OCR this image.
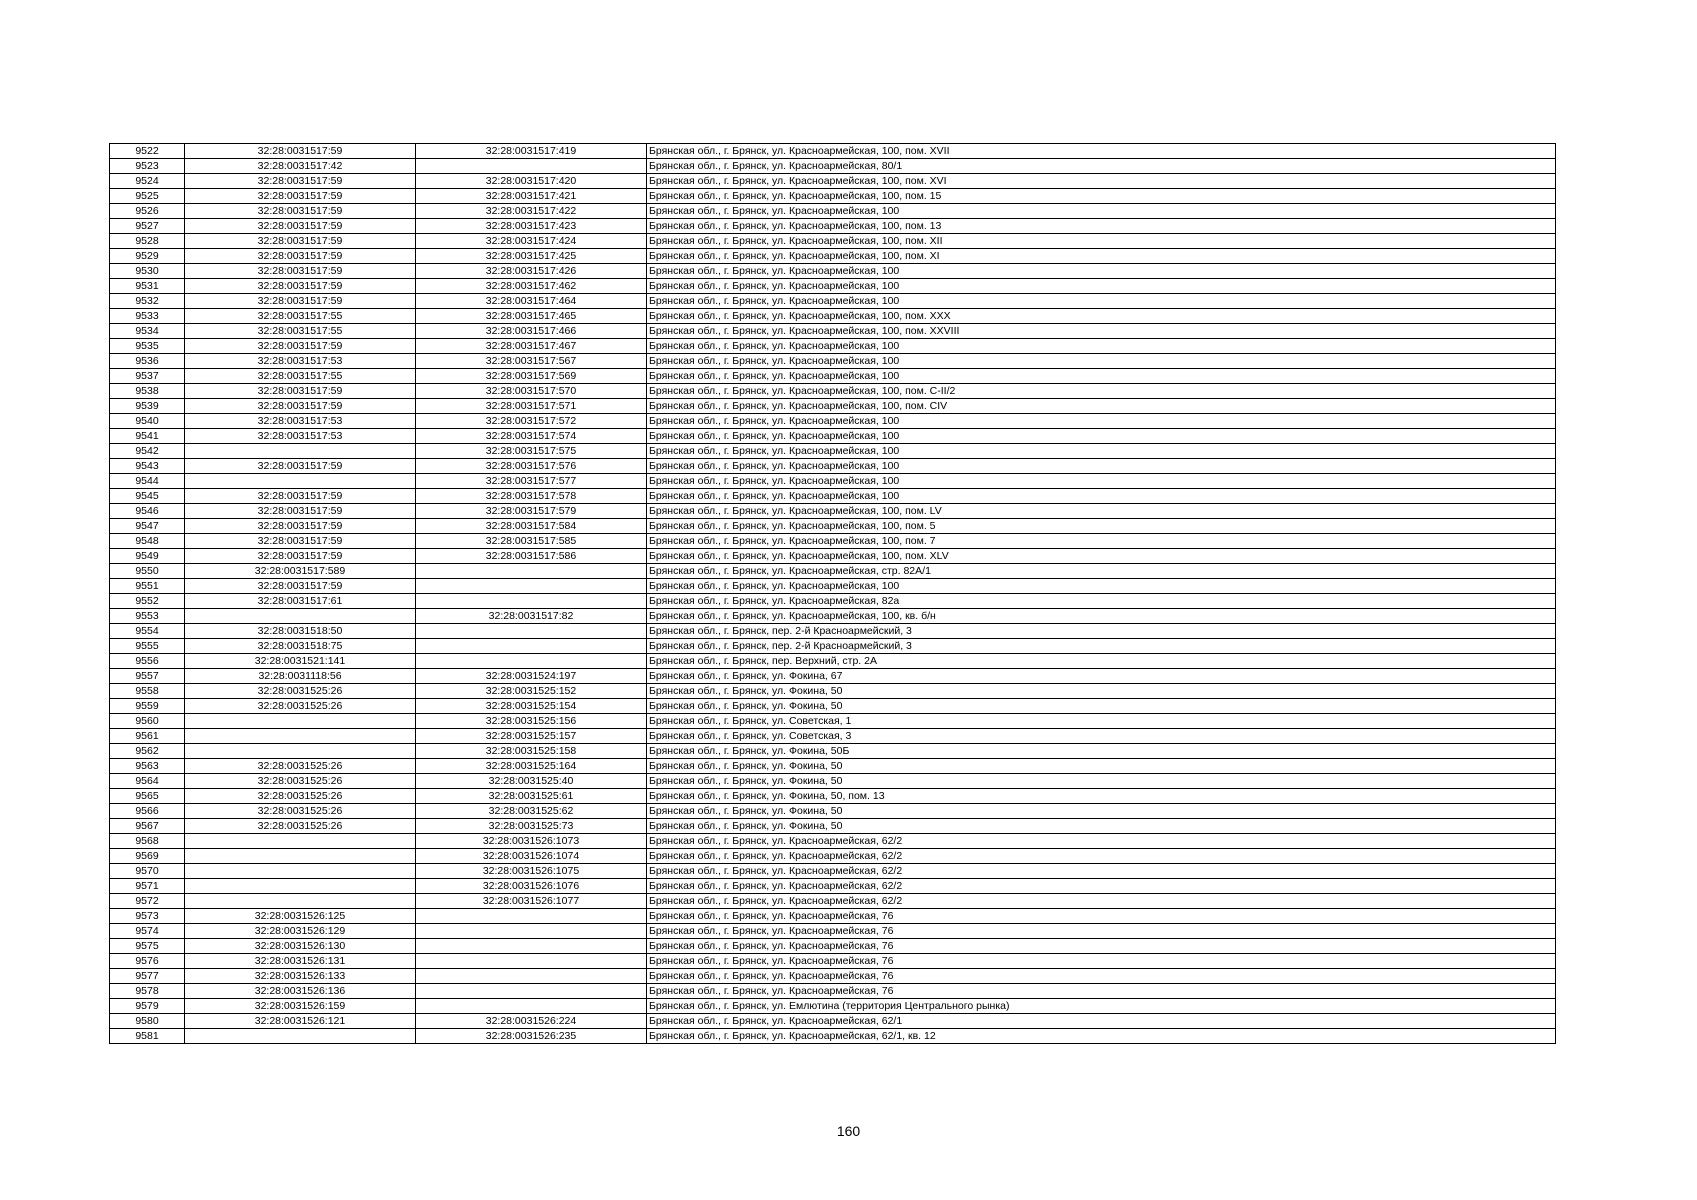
9522	32:28:0031517:59	32:28:0031517:419	Брянская обл., г. Брянск, ул. Красноармейская, 100, пом. XVII
9523	32:28:0031517:42		Брянская обл., г. Брянск, ул. Красноармейская, 80/1
9524	32:28:0031517:59	32:28:0031517:420	Брянская обл., г. Брянск, ул. Красноармейская, 100, пом. XVI
9525	32:28:0031517:59	32:28:0031517:421	Брянская обл., г. Брянск, ул. Красноармейская, 100, пом. 15
9526	32:28:0031517:59	32:28:0031517:422	Брянская обл., г. Брянск, ул. Красноармейская, 100
9527	32:28:0031517:59	32:28:0031517:423	Брянская обл., г. Брянск, ул. Красноармейская, 100, пом. 13
9528	32:28:0031517:59	32:28:0031517:424	Брянская обл., г. Брянск, ул. Красноармейская, 100, пом. XII
9529	32:28:0031517:59	32:28:0031517:425	Брянская обл., г. Брянск, ул. Красноармейская, 100, пом. XI
9530	32:28:0031517:59	32:28:0031517:426	Брянская обл., г. Брянск, ул. Красноармейская, 100
9531	32:28:0031517:59	32:28:0031517:462	Брянская обл., г. Брянск, ул. Красноармейская, 100
9532	32:28:0031517:59	32:28:0031517:464	Брянская обл., г. Брянск, ул. Красноармейская, 100
9533	32:28:0031517:55	32:28:0031517:465	Брянская обл., г. Брянск, ул. Красноармейская, 100, пом. XXX
9534	32:28:0031517:55	32:28:0031517:466	Брянская обл., г. Брянск, ул. Красноармейская, 100, пом. XXVIII
9535	32:28:0031517:59	32:28:0031517:467	Брянская обл., г. Брянск, ул. Красноармейская, 100
9536	32:28:0031517:53	32:28:0031517:567	Брянская обл., г. Брянск, ул. Красноармейская, 100
9537	32:28:0031517:55	32:28:0031517:569	Брянская обл., г. Брянск, ул. Красноармейская, 100
9538	32:28:0031517:59	32:28:0031517:570	Брянская обл., г. Брянск, ул. Красноармейская, 100, пом. С-II/2
9539	32:28:0031517:59	32:28:0031517:571	Брянская обл., г. Брянск, ул. Красноармейская, 100, пом. CIV
9540	32:28:0031517:53	32:28:0031517:572	Брянская обл., г. Брянск, ул. Красноармейская, 100
9541	32:28:0031517:53	32:28:0031517:574	Брянская обл., г. Брянск, ул. Красноармейская, 100
9542		32:28:0031517:575	Брянская обл., г. Брянск, ул. Красноармейская, 100
9543	32:28:0031517:59	32:28:0031517:576	Брянская обл., г. Брянск, ул. Красноармейская, 100
9544		32:28:0031517:577	Брянская обл., г. Брянск, ул. Красноармейская, 100
9545	32:28:0031517:59	32:28:0031517:578	Брянская обл., г. Брянск, ул. Красноармейская, 100
9546	32:28:0031517:59	32:28:0031517:579	Брянская обл., г. Брянск, ул. Красноармейская, 100, пом. LV
9547	32:28:0031517:59	32:28:0031517:584	Брянская обл., г. Брянск, ул. Красноармейская, 100, пом. 5
9548	32:28:0031517:59	32:28:0031517:585	Брянская обл., г. Брянск, ул. Красноармейская, 100, пом. 7
9549	32:28:0031517:59	32:28:0031517:586	Брянская обл., г. Брянск, ул. Красноармейская, 100, пом. XLV
9550	32:28:0031517:589		Брянская обл., г. Брянск, ул. Красноармейская, стр. 82А/1
9551	32:28:0031517:59		Брянская обл., г. Брянск, ул. Красноармейская, 100
9552	32:28:0031517:61		Брянская обл., г. Брянск, ул. Красноармейская, 82а
9553		32:28:0031517:82	Брянская обл., г. Брянск, ул. Красноармейская, 100, кв. б/н
9554	32:28:0031518:50		Брянская обл., г. Брянск, пер. 2-й Красноармейский, 3
9555	32:28:0031518:75		Брянская обл., г. Брянск, пер. 2-й Красноармейский, 3
9556	32:28:0031521:141		Брянская обл., г. Брянск, пер. Верхний, стр. 2А
9557	32:28:0031118:56	32:28:0031524:197	Брянская обл., г. Брянск, ул. Фокина, 67
9558	32:28:0031525:26	32:28:0031525:152	Брянская обл., г. Брянск, ул. Фокина, 50
9559	32:28:0031525:26	32:28:0031525:154	Брянская обл., г. Брянск, ул. Фокина, 50
9560		32:28:0031525:156	Брянская обл., г. Брянск, ул. Советская, 1
9561		32:28:0031525:157	Брянская обл., г. Брянск, ул. Советская, 3
9562		32:28:0031525:158	Брянская обл., г. Брянск, ул. Фокина, 50Б
9563	32:28:0031525:26	32:28:0031525:164	Брянская обл., г. Брянск, ул. Фокина, 50
9564	32:28:0031525:26	32:28:0031525:40	Брянская обл., г. Брянск, ул. Фокина, 50
9565	32:28:0031525:26	32:28:0031525:61	Брянская обл., г. Брянск, ул. Фокина, 50, пом. 13
9566	32:28:0031525:26	32:28:0031525:62	Брянская обл., г. Брянск, ул. Фокина, 50
9567	32:28:0031525:26	32:28:0031525:73	Брянская обл., г. Брянск, ул. Фокина, 50
9568		32:28:0031526:1073	Брянская обл., г. Брянск, ул. Красноармейская, 62/2
9569		32:28:0031526:1074	Брянская обл., г. Брянск, ул. Красноармейская, 62/2
9570		32:28:0031526:1075	Брянская обл., г. Брянск, ул. Красноармейская, 62/2
9571		32:28:0031526:1076	Брянская обл., г. Брянск, ул. Красноармейская, 62/2
9572		32:28:0031526:1077	Брянская обл., г. Брянск, ул. Красноармейская, 62/2
9573	32:28:0031526:125		Брянская обл., г. Брянск, ул. Красноармейская, 76
9574	32:28:0031526:129		Брянская обл., г. Брянск, ул. Красноармейская, 76
9575	32:28:0031526:130		Брянская обл., г. Брянск, ул. Красноармейская, 76
9576	32:28:0031526:131		Брянская обл., г. Брянск, ул. Красноармейская, 76
9577	32:28:0031526:133		Брянская обл., г. Брянск, ул. Красноармейская, 76
9578	32:28:0031526:136		Брянская обл., г. Брянск, ул. Красноармейская, 76
9579	32:28:0031526:159		Брянская обл., г. Брянск, ул. Емлютина (территория Центрального рынка)
9580	32:28:0031526:121	32:28:0031526:224	Брянская обл., г. Брянск, ул. Красноармейская, 62/1
9581		32:28:0031526:235	Брянская обл., г. Брянск, ул. Красноармейская, 62/1, кв. 12
160
